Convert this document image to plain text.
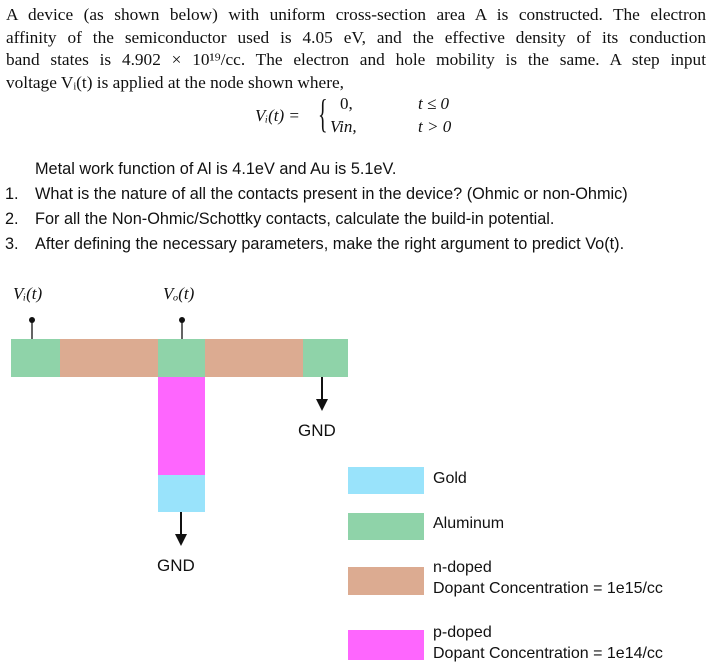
A device (as shown below) with uniform cross-section area A is constructed. The electron
affinity of the semiconductor used is 4.05 eV, and the effective density of its conduction
band states is 4.902 × 10¹⁹/cc. The electron and hole mobility is the same. A step input
voltage Vᵢ(t) is applied at the node shown where,
Vᵢ(t) = { 0,	t ≤ 0
Vin,	t > 0
Metal work function of Al is 4.1eV and Au is 5.1eV.
1. What is the nature of all the contacts present in the device? (Ohmic or non-Ohmic)
2. For all the Non-Ohmic/Schottky contacts, calculate the build-in potential.
3. After defining the necessary parameters, make the right argument to predict Vo(t).
Vᵢ(t)	Vₒ(t)
GND
GND
Gold
Aluminum
n-doped
Dopant Concentration = 1e15/cc
p-doped
Dopant Concentration = 1e14/cc
